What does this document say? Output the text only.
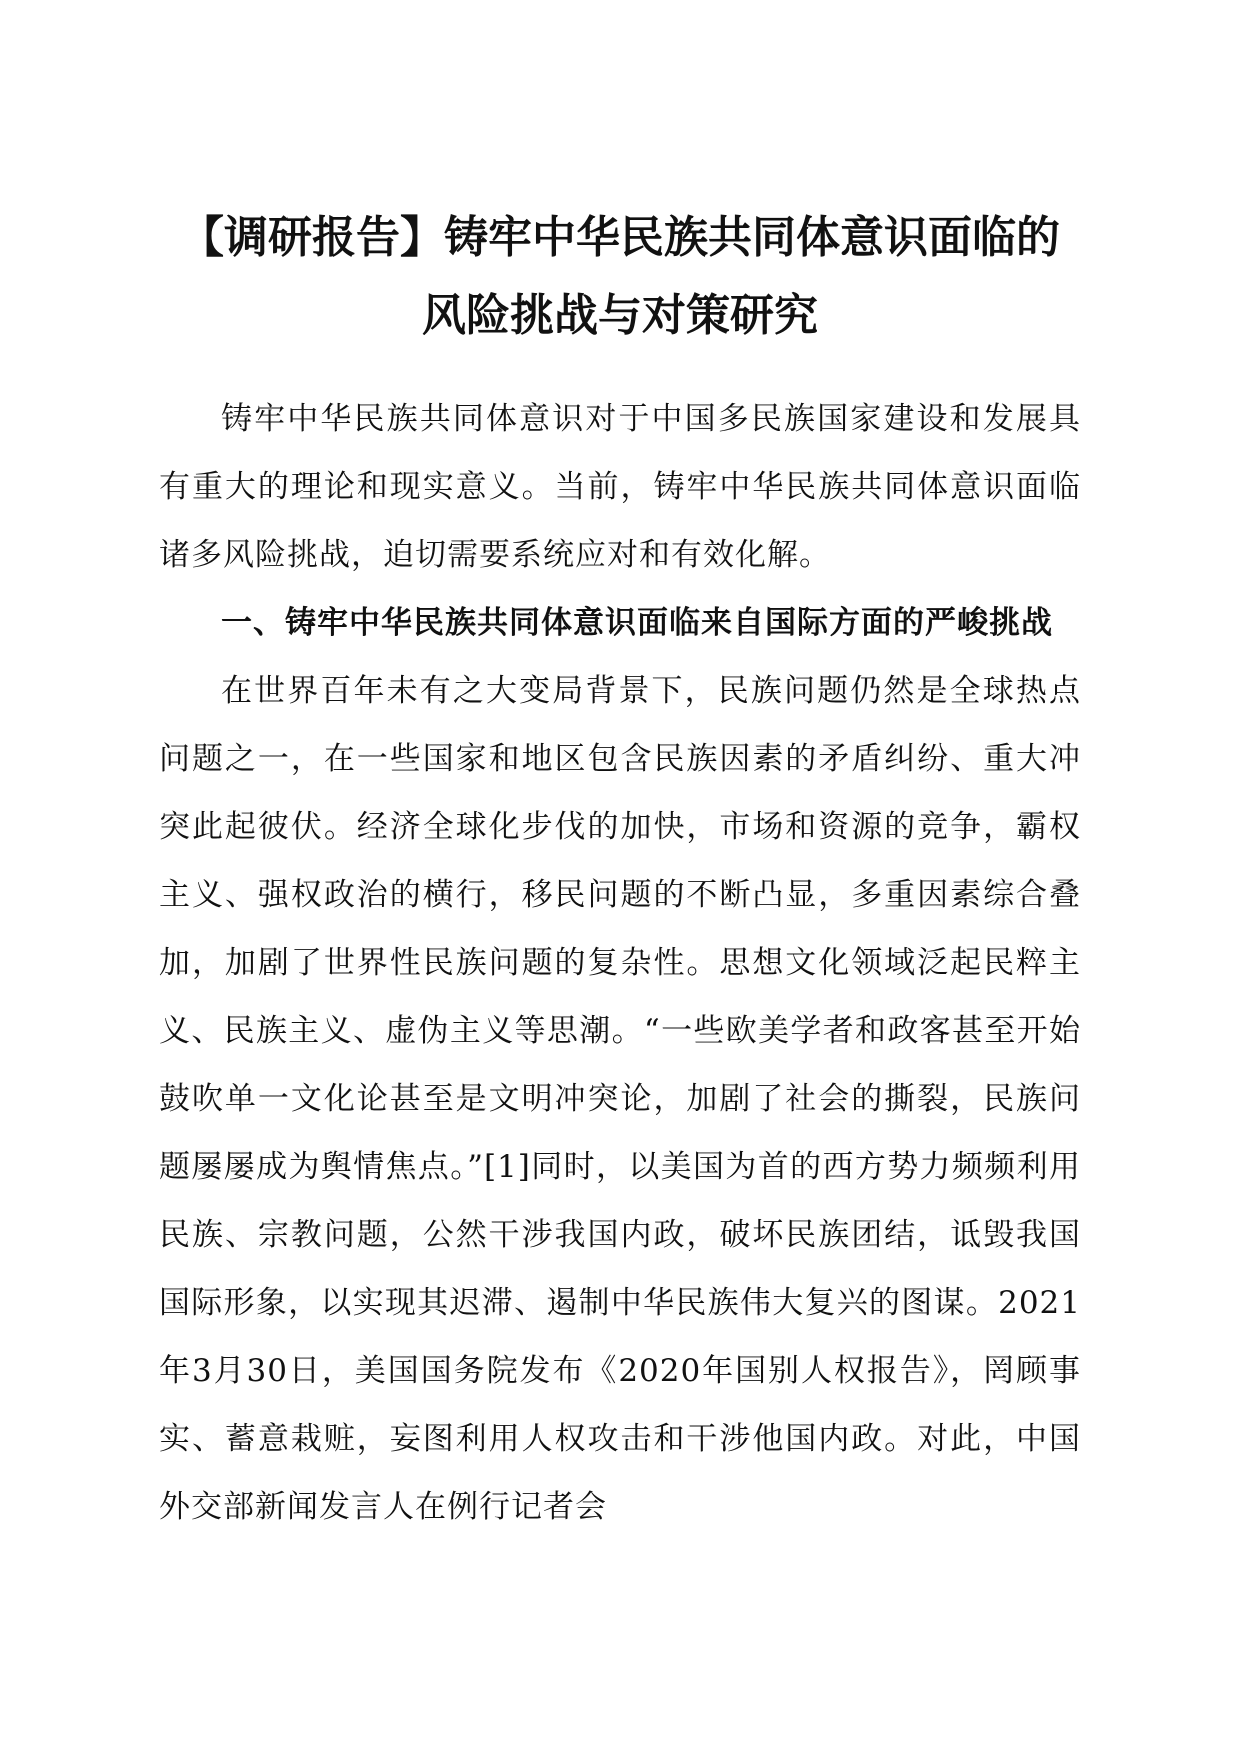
【调研报告】铸牢中华民族共同体意识面临的
风险挑战与对策研究

铸牢中华民族共同体意识对于中国多民族国家建设和发展具有重大的理论和现实意义。当前，铸牢中华民族共同体意识面临诸多风险挑战，迫切需要系统应对和有效化解。

一、铸牢中华民族共同体意识面临来自国际方面的严峻挑战

在世界百年未有之大变局背景下，民族问题仍然是全球热点问题之一，在一些国家和地区包含民族因素的矛盾纠纷、重大冲突此起彼伏。经济全球化步伐的加快，市场和资源的竞争，霸权主义、强权政治的横行，移民问题的不断凸显，多重因素综合叠加，加剧了世界性民族问题的复杂性。思想文化领域泛起民粹主义、民族主义、虚伪主义等思潮。“一些欧美学者和政客甚至开始鼓吹单一文化论甚至是文明冲突论，加剧了社会的撕裂，民族问题屡屡成为舆情焦点。”[1]同时，以美国为首的西方势力频频利用民族、宗教问题，公然干涉我国内政，破坏民族团结，诋毁我国国际形象，以实现其迟滞、遏制中华民族伟大复兴的图谋。2021年3月30日，美国国务院发布《2020年国别人权报告》，罔顾事实、蓄意栽赃，妄图利用人权攻击和干涉他国内政。对此，中国外交部新闻发言人在例行记者会
